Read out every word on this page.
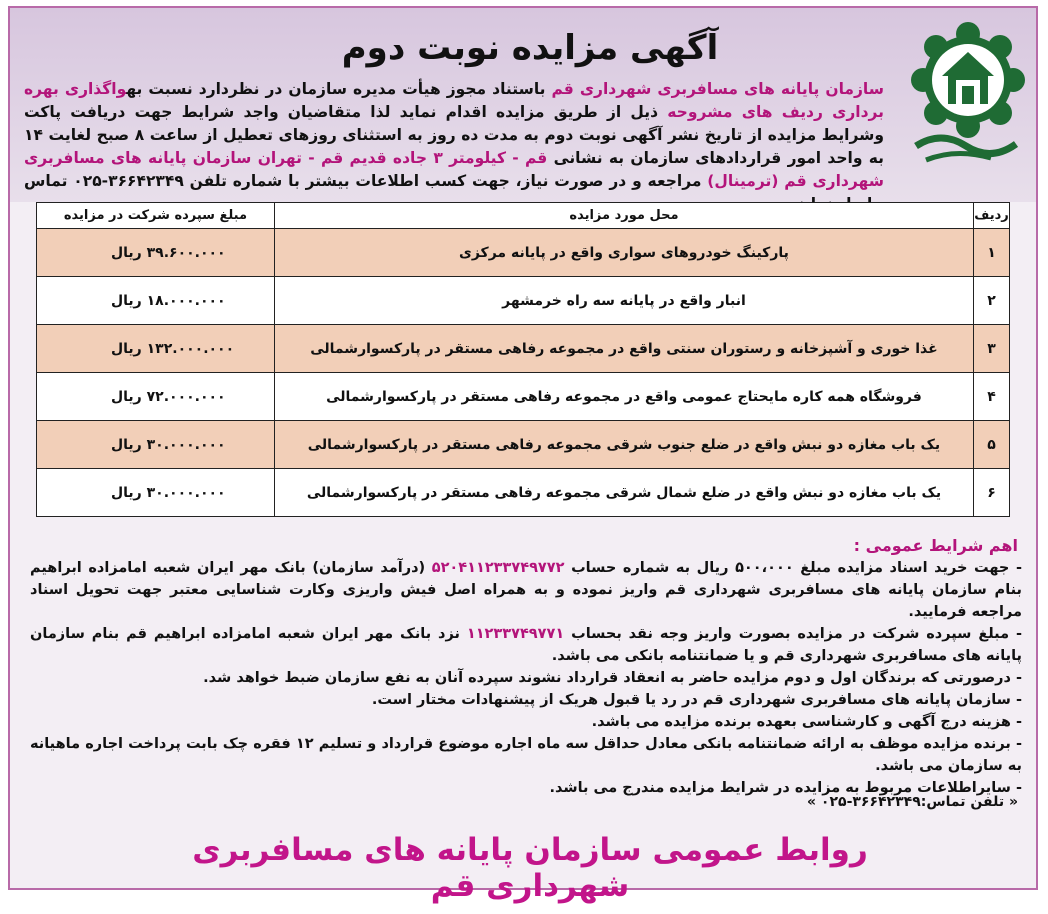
آگهی مزایده نوبت دوم

سازمان پایانه های مسافربری شهرداری قم باستناد مجوز هیأت مدیره سازمان در نظردارد نسبت بهواگذاری بهره برداری ردیف های مشروحه ذیل از طریق مزایده اقدام نماید لذا متقاضیان واجد شرایط جهت دریافت پاکت وشرایط مزایده از تاریخ نشر آگهی نوبت دوم به مدت ده روز به استثنای روزهای تعطیل از ساعت ۸ صبح لغایت ۱۴ به واحد امور قراردادهای سازمان به نشانی قم - کیلومتر ۳ جاده قدیم قم - تهران سازمان پایانه های مسافربری شهرداری قم (ترمینال) مراجعه و در صورت نیاز، جهت کسب اطلاعات بیشتر با شماره تلفن ۳۶۶۴۲۳۴۹-۰۲۵ تماس

ردیف	محل مورد مزایده	مبلغ سپرده شرکت در مزایده
۱	پارکینگ خودروهای سواری واقع در پایانه مرکزی	۳۹.۶۰۰.۰۰۰ ریال
۲	انبار واقع در پایانه سه راه خرمشهر	۱۸.۰۰۰.۰۰۰ ریال
۳	غذا خوری و آشپزخانه و رستوران سنتی واقع در مجموعه رفاهی مستقر در پارکسوارشمالی	۱۳۲.۰۰۰.۰۰۰ ریال
۴	فروشگاه همه کاره مایحتاج عمومی واقع در مجموعه رفاهی مستقر در پارکسوارشمالی	۷۲.۰۰۰.۰۰۰ ریال
۵	یک باب مغازه دو نبش واقع در ضلع جنوب شرقی مجموعه رفاهی مستقر در پارکسوارشمالی	۳۰.۰۰۰.۰۰۰ ریال
۶	یک باب مغازه دو نبش واقع در ضلع شمال شرقی مجموعه رفاهی مستقر در پارکسوارشمالی	۳۰.۰۰۰.۰۰۰ ریال
اهم شرایط عمومی :
- جهت خرید اسناد مزایده مبلغ ۵۰۰،۰۰۰ ریال به شماره حساب ۵۲۰۴۱۱۲۳۳۷۴۹۷۷۲ (درآمد سازمان) بانک مهر ایران شعبه امامزاده ابراهیم بنام سازمان پایانه های مسافربری شهرداری قم واریز نموده و به همراه اصل فیش واریزی وکارت شناسایی معتبر جهت تحویل اسناد مراجعه فرمایید.
- مبلغ سپرده شرکت در مزایده بصورت واریز وجه نقد بحساب ۱۱۲۳۳۷۴۹۷۷۱ نزد بانک مهر ایران شعبه امامزاده ابراهیم قم بنام سازمان پایانه های مسافربری شهرداری قم و یا ضمانتنامه بانکی می باشد.
- درصورتی که برندگان اول و دوم مزایده حاضر به انعقاد قرارداد نشوند سپرده آنان به نفع سازمان ضبط خواهد شد.
- سازمان پایانه های مسافربری شهرداری قم در رد یا قبول هریک از پیشنهادات مختار است.
- هزینه درج آگهی و کارشناسی بعهده برنده مزایده می باشد.
- برنده مزایده موظف به ارائه ضمانتنامه بانکی معادل حداقل سه ماه اجاره موضوع قرارداد و تسلیم ۱۲ فقره چک بابت پرداخت اجاره ماهیانه به سازمان می باشد.
- سایراطلاعات مربوط به مزایده در شرایط مزایده مندرج می باشد.
« تلفن تماس:۳۶۶۴۲۳۴۹-۰۲۵ »
روابط عمومی سازمان پایانه های مسافربری شهرداری قم
